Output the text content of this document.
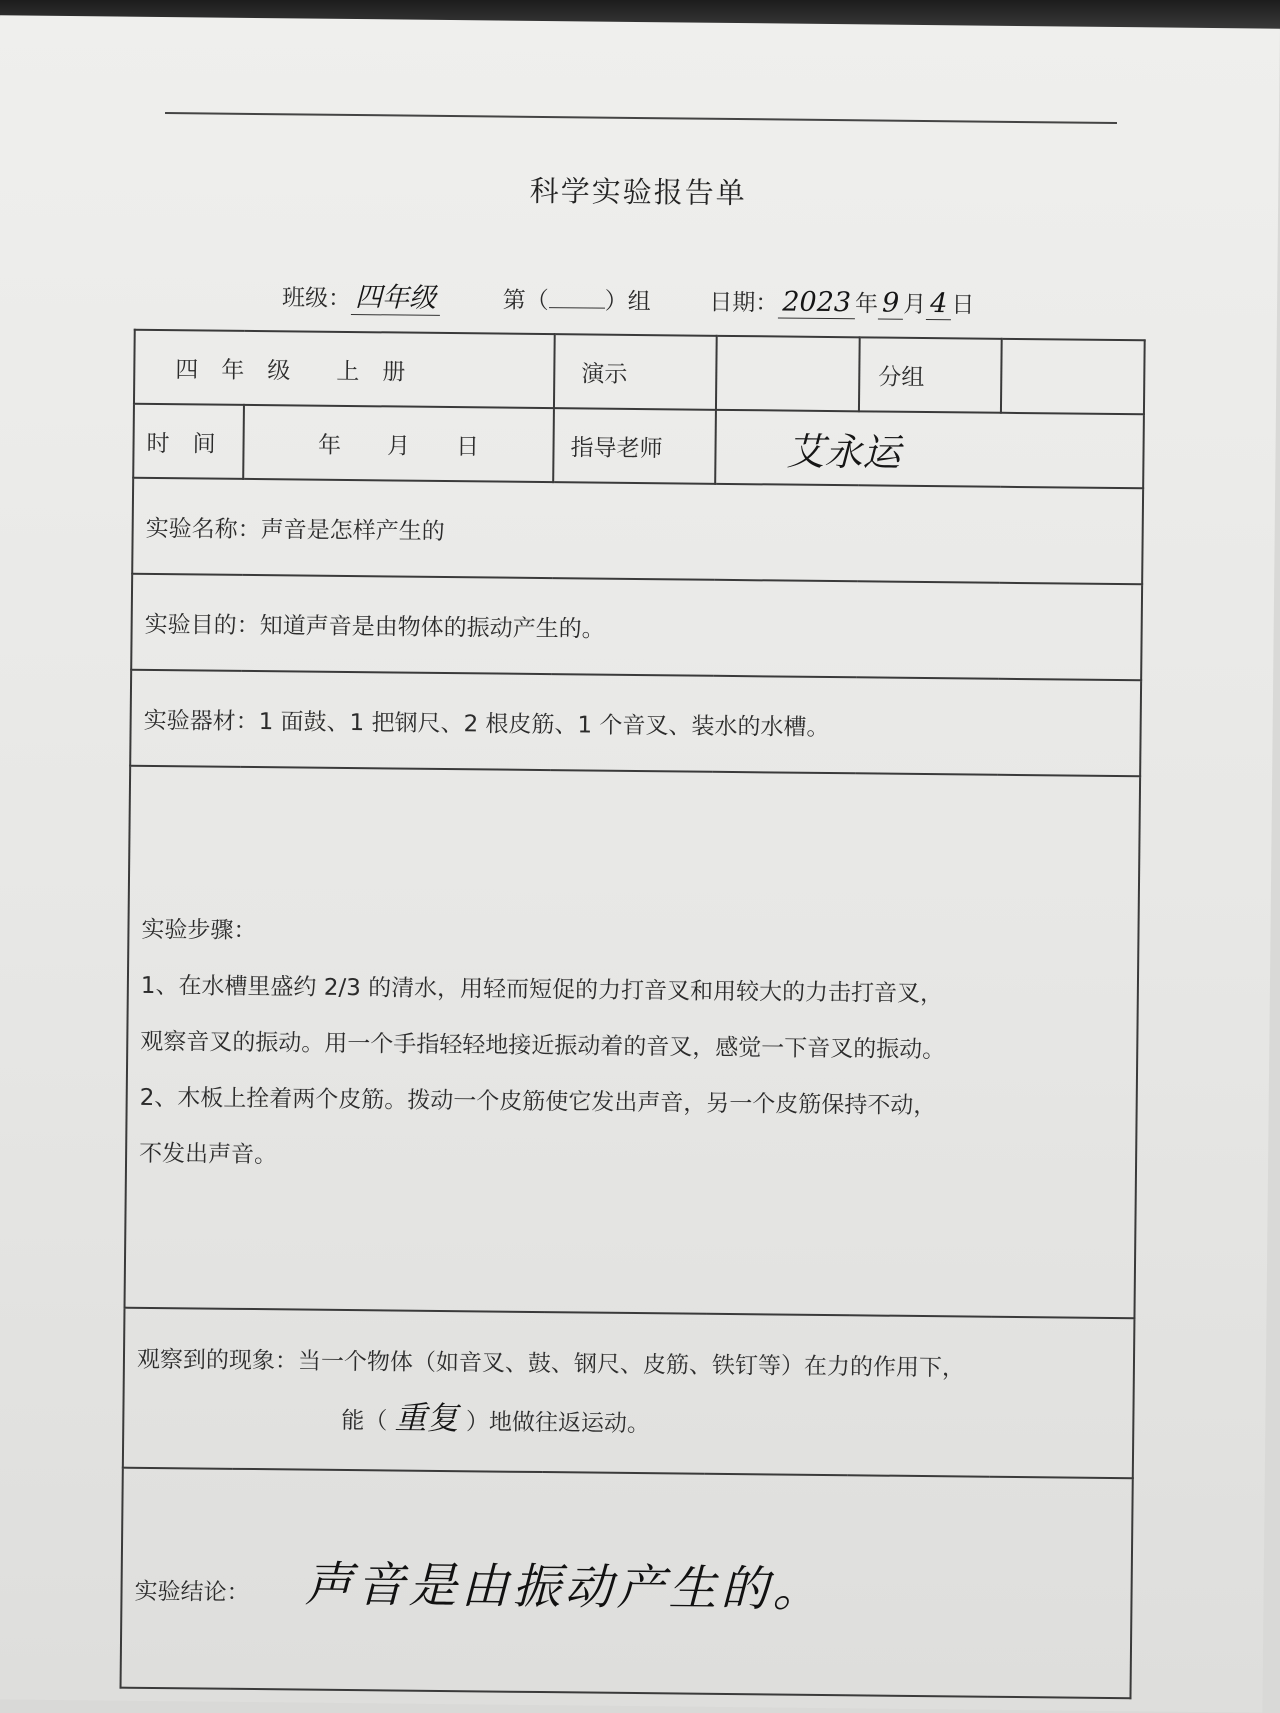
科学实验报告单
班级： 四年级	第（ ）组	日期： 2023 年 9 月 4 日
四　年　级　　上　册		演示		分组	
时　间	年　　月　　日	指导老师	艾永运		
实验名称：声音是怎样产生的					
实验目的：知道声音是由物体的振动产生的。					
实验器材：1 面鼓、1 把钢尺、2 根皮筋、1 个音叉、装水的水槽。					

实验步骤：
1、在水槽里盛约 2/3 的清水，用轻而短促的力打音叉和用较大的力击打音叉，
观察音叉的振动。用一个手指轻轻地接近振动着的音叉，感觉一下音叉的振动。
2、木板上拴着两个皮筋。拨动一个皮筋使它发出声音，另一个皮筋保持不动，
不发出声音。					

观察到的现象：当一个物体（如音叉、鼓、钢尺、皮筋、铁钉等）在力的作用下，
能（ 重复 ）地做往返运动。					

实验结论： 声音是由振动产生的。					
